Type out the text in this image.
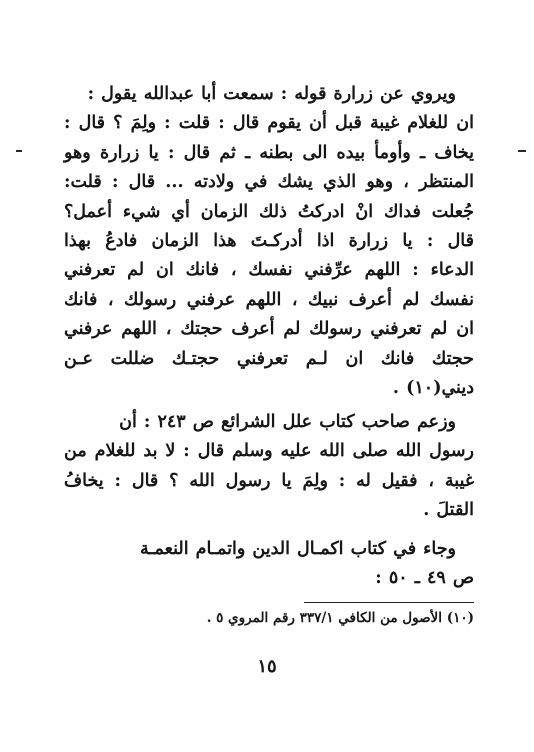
ويروي عن زرارة قوله : سمعت أبا عبدالله يقول :
ان للغلام غيبة قبل أن يقوم قال : قلت : ولِمَ ؟ قال :
يخاف ـ وأومأ بيده الى بطنه ـ ثم قال : يا زرارة وهو
المنتظر ، وهو الذي يشك في ولادته ... قال : قلت:
جُعلت فداك انْ ادركتُ ذلك الزمان أي شيء أعمل؟
قال : يا زرارة اذا أدركـتَ هذا الزمان فادعُ بهذا
الدعاء : اللهم عرِّفني نفسك ، فانك ان لم تعرفني
نفسك لم أعرف نبيك ، اللهم عرفني رسولك ، فانك
ان لم تعرفني رسولك لم أعرف حجتك ، اللهم عرفني
حجتك فانك ان لـم تعرفني حجتـك ضللت عـن
ديني(١٠) .
وزعم صاحب كتاب علل الشرائع ص ٢٤٣ : أن
رسول الله صلى الله عليه وسلم قال : لا بد للغلام من
غيبة ، فقيل له : ولِمَ يا رسول الله ؟ قال : يخافُ
القتلَ .
وجاء في كتاب اكمـال الدين واتمـام النعمـة
ص ٤٩ ـ ٥٠ :
(١٠) الأصول من الكافي ٣٣٧/١ رقم المروي ٥ .
١٥
